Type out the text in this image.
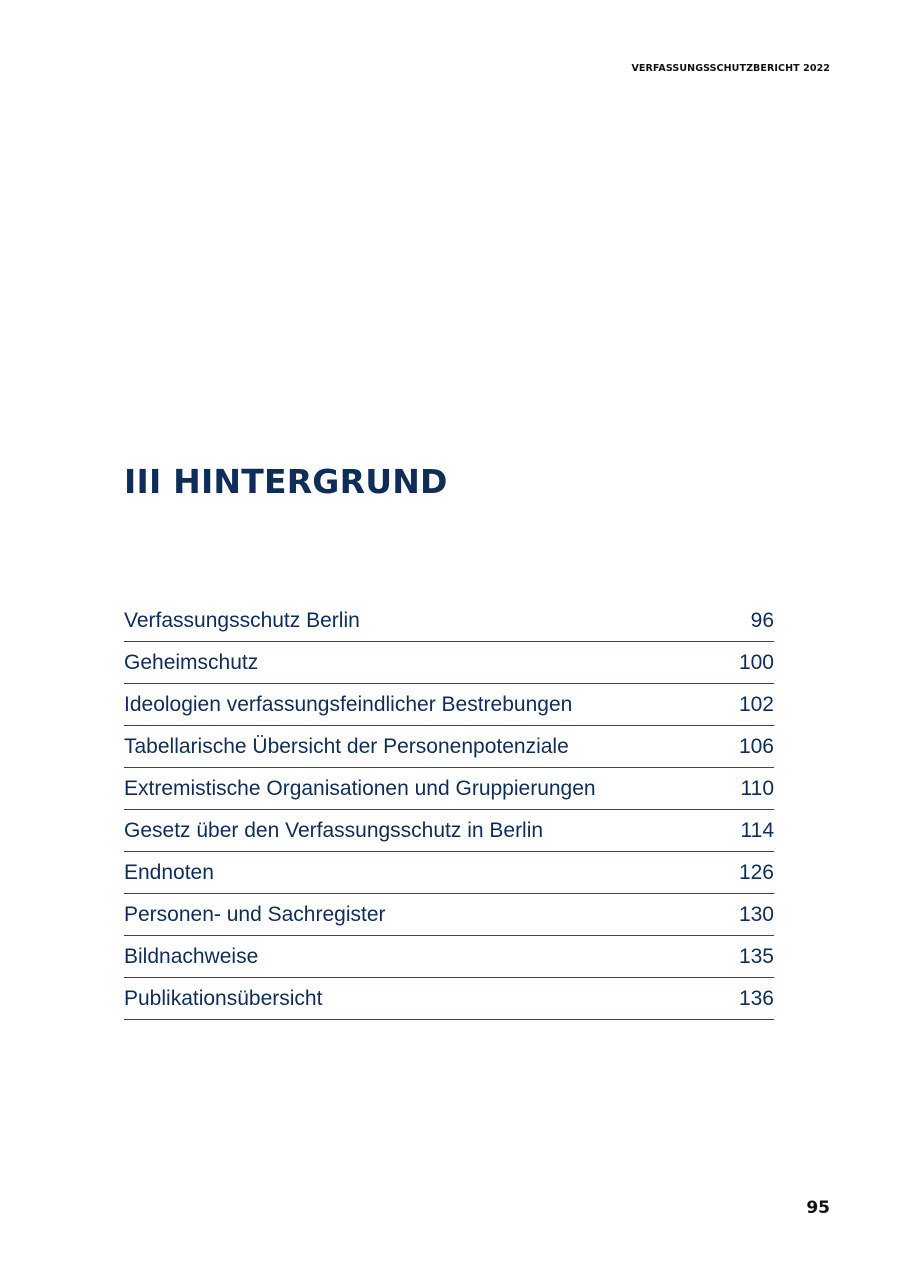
VERFASSUNGSSCHUTZBERICHT 2022
III HINTERGRUND
Verfassungsschutz Berlin	96
Geheimschutz	100
Ideologien verfassungsfeindlicher Bestrebungen	102
Tabellarische Übersicht der Personenpotenziale	106
Extremistische Organisationen und Gruppierungen	110
Gesetz über den Verfassungsschutz in Berlin	114
Endnoten	126
Personen- und Sachregister	130
Bildnachweise	135
Publikationsübersicht	136
95
